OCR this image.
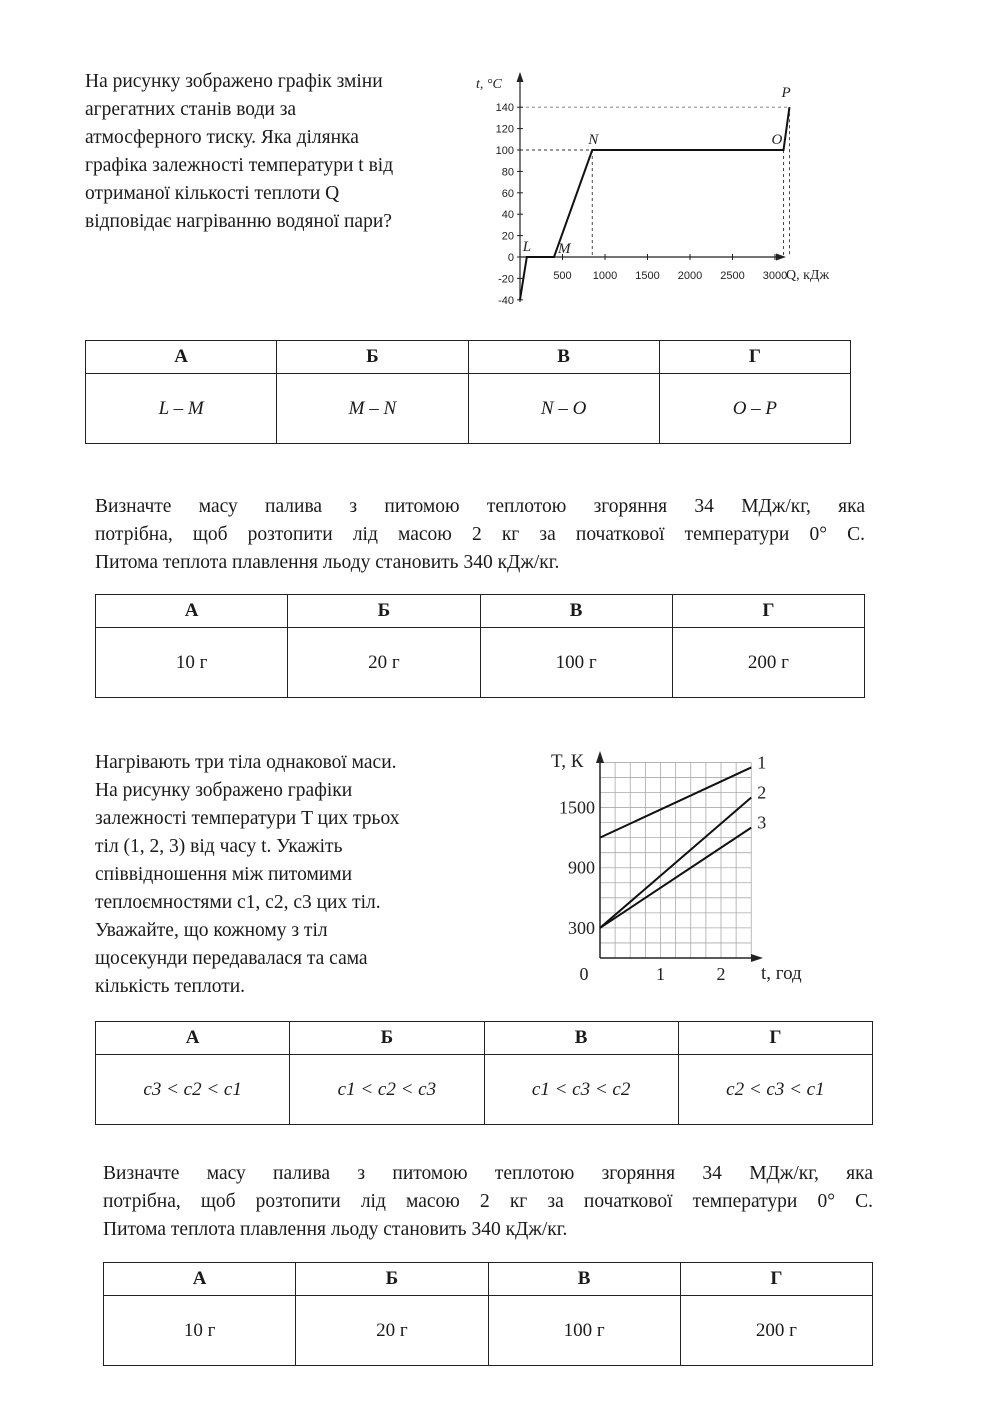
На рисунку зображено графік зміни
агрегатних станів води за
атмосферного тиску. Яка ділянка
графіка залежності температури t від
отриманої кількості теплоти Q
відповідає нагріванню водяної пари?
-40
-20
0
20
40
60
80
100
120
140
500 1000 1500 2000 2500 3000
L M
N	O
P
t, °C
Q, кДж
А	Б	В	Г
L – M	M – N	N – O	O – P
Визначте масу палива з питомою теплотою згоряння 34 МДж/кг, яка
потрібна, щоб розтопити лід масою 2 кг за початкової температури 0° С.
Питома теплота плавлення льоду становить 340 кДж/кг.
А	Б	В	Г
10 г	20 г	100 г	200 г
Нагрівають три тіла однакової маси.
На рисунку зображено графіки
залежності температури T цих трьох
тіл (1, 2, 3) від часу t. Укажіть
співвідношення між питомими
теплоємностями c1, c2, c3 цих тіл.
Уважайте, що кожному з тіл
щосекунди передавалася та сама
кількість теплоти.
300
900
1500
0	1	2
1
2
3
T, К
t, год
А	Б	В	Г
c3 < c2 < c1	c1 < c2 < c3	c1 < c3 < c2	c2 < c3 < c1
Визначте масу палива з питомою теплотою згоряння 34 МДж/кг, яка
потрібна, щоб розтопити лід масою 2 кг за початкової температури 0° С.
Питома теплота плавлення льоду становить 340 кДж/кг.
А	Б	В	Г
10 г	20 г	100 г	200 г
